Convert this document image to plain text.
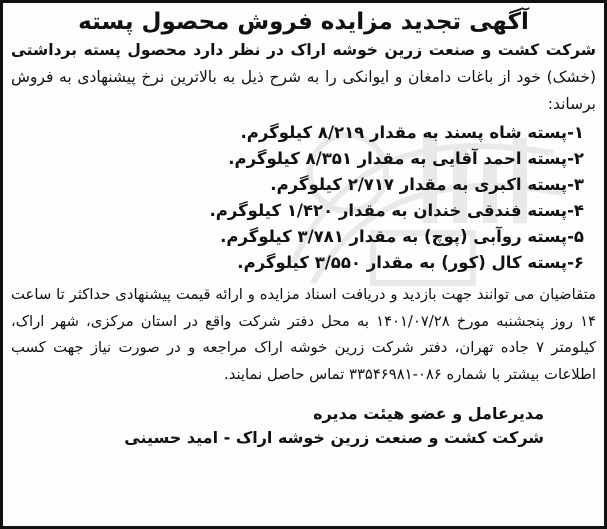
آگهی تجدید مزایده فروش محصول پسته

شرکت کشت و صنعت زرین خوشه اراک در نظر دارد محصول پسته برداشتی (خشک) خود از باغات دامغان و ایوانکی را به شرح ذیل به بالاترین نرخ پیشنهادی به فروش برساند:

۱-پسته شاه پسند به مقدار ۸/۲۱۹ کیلوگرم.
۲-پسته احمد آقایی به مقدار ۸/۳۵۱ کیلوگرم.
۳-پسته اکبری به مقدار ۲/۷۱۷ کیلوگرم.
۴-پسته فندقی خندان به مقدار ۱/۴۲۰ کیلوگرم.
۵-پسته روآبی (پوچ) به مقدار ۳/۷۸۱ کیلوگرم.
۶-پسته کال (کور) به مقدار ۳/۵۵۰ کیلوگرم.

متقاضیان می توانند جهت بازدید و دریافت اسناد مزایده و ارائه قیمت پیشنهادی حداکثر تا ساعت ۱۴ روز پنجشنبه مورخ ۱۴۰۱/۰۷/۲۸ به محل دفتر شرکت واقع در استان مرکزی، شهر اراک، کیلومتر ۷ جاده تهران، دفتر شرکت زرین خوشه اراک مراجعه و در صورت نیاز جهت کسب اطلاعات بیشتر با شماره ۰۸۶-۳۳۵۴۶۹۸۱ تماس حاصل نمایند.

مدیرعامل و عضو هیئت مدیره
شرکت کشت و صنعت زرین خوشه اراک - امید حسینی
